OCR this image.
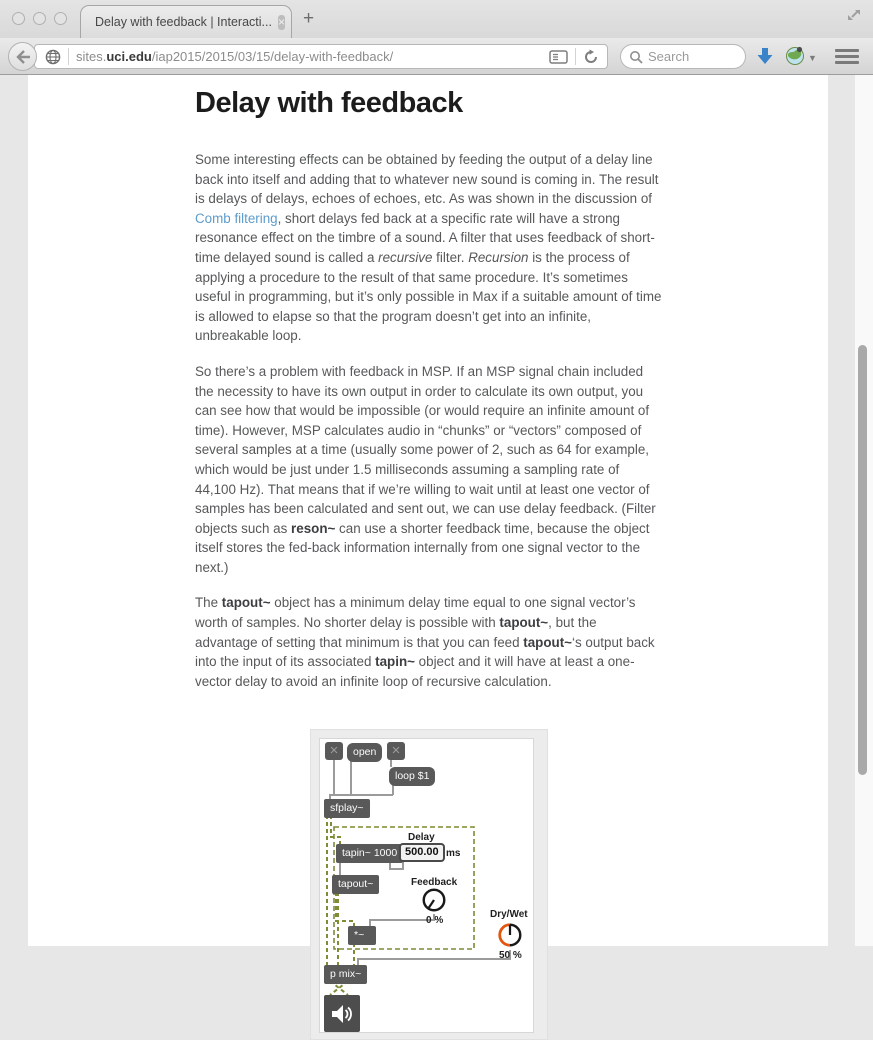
Delay with feedback | Interacti... × +
sites.uci.edu/iap2015/2015/03/15/delay-with-feedback/
Search	▼
Delay with feedback

Some interesting effects can be obtained by feeding the output of a delay line back into itself and adding that to whatever new sound is coming in. The result is delays of delays, echoes of echoes, etc. As was shown in the discussion of Comb filtering, short delays fed back at a specific rate will have a strong resonance effect on the timbre of a sound. A filter that uses feedback of short-time delayed sound is called a recursive filter. Recursion is the process of applying a procedure to the result of that same procedure. It’s sometimes useful in programming, but it’s only possible in Max if a suitable amount of time is allowed to elapse so that the program doesn’t get into an infinite, unbreakable loop.

So there’s a problem with feedback in MSP. If an MSP signal chain included the necessity to have its own output in order to calculate its own output, you can see how that would be impossible (or would require an infinite amount of time). However, MSP calculates audio in “chunks” or “vectors” composed of several samples at a time (usually some power of 2, such as 64 for example, which would be just under 1.5 milliseconds assuming a sampling rate of 44,100 Hz). That means that if we’re willing to wait until at least one vector of samples has been calculated and sent out, we can use delay feedback. (Filter objects such as reson~ can use a shorter feedback time, because the object itself stores the fed-back information internally from one signal vector to the next.)

The tapout~ object has a minimum delay time equal to one signal vector’s worth of samples. No shorter delay is possible with tapout~, but the advantage of setting that minimum is that you can feed tapout~‘s output back into the input of its associated tapin~ object and it will have at least a one-vector delay to avoid an infinite loop of recursive calculation.

×	open	×
loop $1
sfplay~
Delay
tapin~ 1000 500.00 ms
tapout~	Feedback
0 %
*~
Dry/Wet
50 %
p mix~
